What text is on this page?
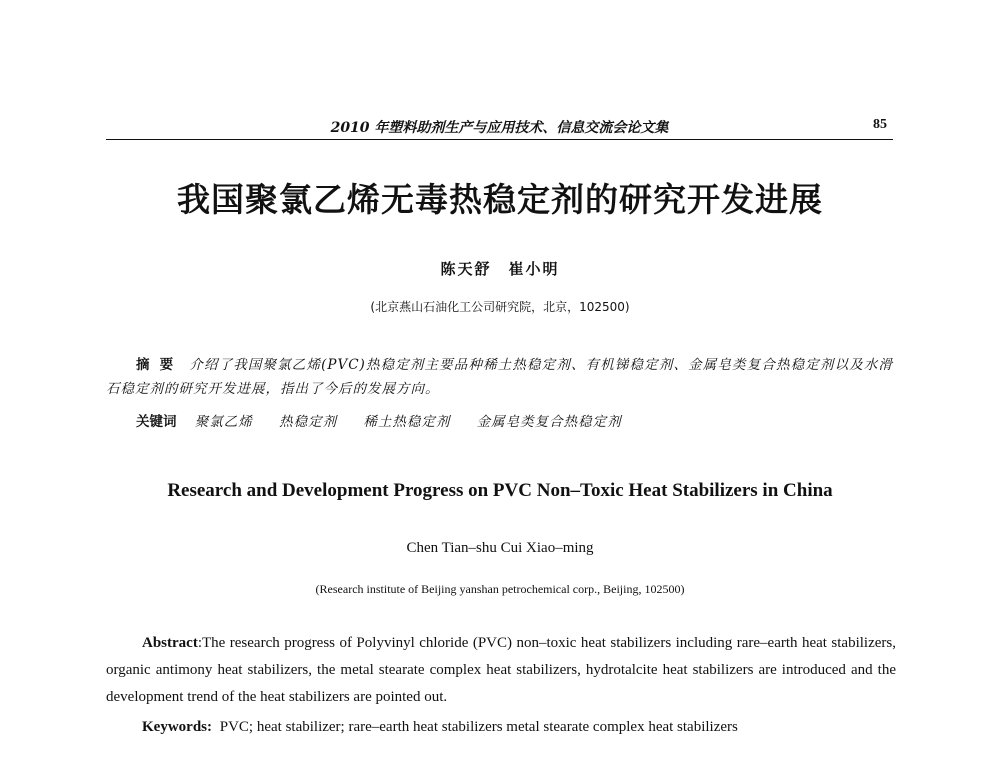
2010 年塑料助剂生产与应用技术、信息交流会论文集	85
我国聚氯乙烯无毒热稳定剂的研究开发进展
陈天舒　崔小明
(北京燕山石油化工公司研究院，北京，102500)
摘要 介绍了我国聚氯乙烯(PVC)热稳定剂主要品种稀土热稳定剂、有机锑稳定剂、金属皂类复合热稳定剂以及水滑石稳定剂的研究开发进展，指出了今后的发展方向。
关键词 聚氯乙烯 热稳定剂 稀土热稳定剂 金属皂类复合热稳定剂
Research and Development Progress on PVC Non–Toxic Heat Stabilizers in China
Chen Tian–shu Cui Xiao–ming
(Research institute of Beijing yanshan petrochemical corp., Beijing, 102500)
Abstract:The research progress of Polyvinyl chloride (PVC) non–toxic heat stabilizers including rare–earth heat stabilizers, organic antimony heat stabilizers, the metal stearate complex heat stabilizers, hydrotalcite heat stabilizers are introduced and the development trend of the heat stabilizers are pointed out.
Keywords: PVC; heat stabilizer; rare–earth heat stabilizers metal stearate complex heat stabilizers
